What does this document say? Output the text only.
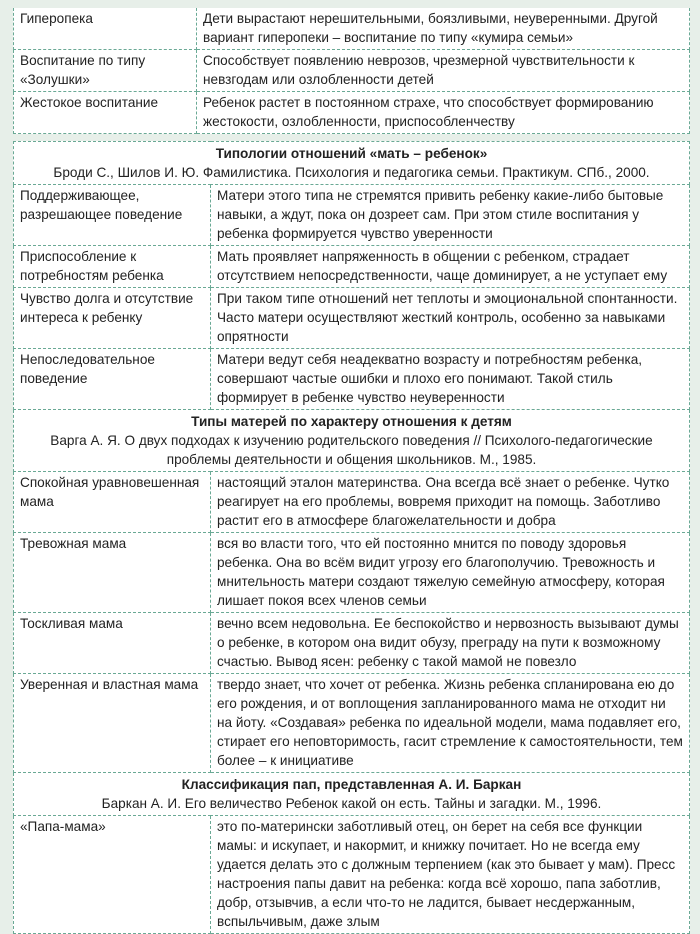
Гиперопека	Дети вырастают нерешительными, боязливыми, неуверенными. Другой вариант гиперопеки – воспитание по типу «кумира семьи»
Воспитание по типу «Золушки»	Способствует появлению неврозов, чрезмерной чувствительности к невзгодам или озлобленности детей
Жестокое воспитание	Ребенок растет в постоянном страхе, что способствует формированию жестокости, озлобленности, приспособленчеству
Типологии отношений «мать – ребенок»
Броди С., Шилов И. Ю. Фамилистика. Психология и педагогика семьи. Практикум. СПб., 2000.	

Поддерживающее, разрешающее поведение	Матери этого типа не стремятся привить ребенку какие-либо бытовые навыки, а ждут, пока он дозреет сам. При этом стиле воспитания у ребенка формируется чувство уверенности
Приспособление к потребностям ребенка	Мать проявляет напряженность в общении с ребенком, страдает отсутствием непосредственности, чаще доминирует, а не уступает ему
Чувство долга и отсутствие интереса к ребенку	При таком типе отношений нет теплоты и эмоциональной спонтанности. Часто матери осуществляют жесткий контроль, особенно за навыками опрятности
Непоследовательное поведение	Матери ведут себя неадекватно возрасту и потребностям ребенка, совершают частые ошибки и плохо его понимают. Такой стиль формирует в ребенке чувство неуверенности

Типы матерей по характеру отношения к детям
Варга А. Я. О двух подходах к изучению родительского поведения // Психолого-педагогические проблемы деятельности и общения школьников. М., 1985.	

Спокойная уравновешенная мама	настоящий эталон материнства. Она всегда всё знает о ребенке. Чутко реагирует на его проблемы, вовремя приходит на помощь. Заботливо растит его в атмосфере благожелательности и добра
Тревожная мама	вся во власти того, что ей постоянно мнится по поводу здоровья ребенка. Она во всём видит угрозу его благополучию. Тревожность и мнительность матери создают тяжелую семейную атмосферу, которая лишает покоя всех членов семьи
Тоскливая мама	вечно всем недовольна. Ее беспокойство и нервозность вызывают думы о ребенке, в котором она видит обузу, преграду на пути к возможному счастью. Вывод ясен: ребенку с такой мамой не повезло
Уверенная и властная мама	твердо знает, что хочет от ребенка. Жизнь ребенка спланирована ею до его рождения, и от воплощения запланированного мама не отходит ни на йоту. «Создавая» ребенка по идеальной модели, мама подавляет его, стирает его неповторимость, гасит стремление к самостоятельности, тем более – к инициативе

Классификация пап, представленная А. И. Баркан
Баркан А. И. Его величество Ребенок какой он есть. Тайны и загадки. М., 1996.	

«Папа-мама»	это по-матерински заботливый отец, он берет на себя все функции мамы: и искупает, и накормит, и книжку почитает. Но не всегда ему удается делать это с должным терпением (как это бывает у мам). Пресс настроения папы давит на ребенка: когда всё хорошо, папа заботлив, добр, отзывчив, а если что-то не ладится, бывает несдержанным, вспыльчивым, даже злым
